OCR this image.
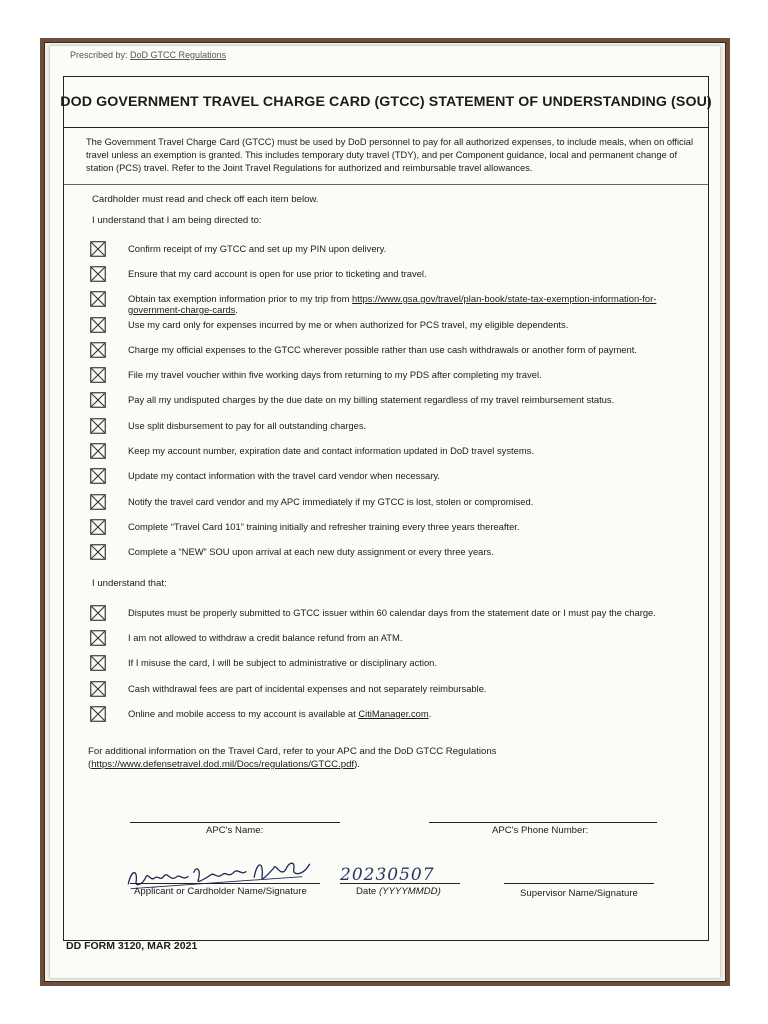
Prescribed by: DoD GTCC Regulations
DOD GOVERNMENT TRAVEL CHARGE CARD (GTCC) STATEMENT OF UNDERSTANDING (SOU)
The Government Travel Charge Card (GTCC) must be used by DoD personnel to pay for all authorized expenses, to include meals, when on official travel unless an exemption is granted. This includes temporary duty travel (TDY), and per Component guidance, local and permanent change of station (PCS) travel. Refer to the Joint Travel Regulations for authorized and reimbursable travel allowances.
Cardholder must read and check off each item below.
I understand that I am being directed to:
Confirm receipt of my GTCC and set up my PIN upon delivery.
Ensure that my card account is open for use prior to ticketing and travel.
Obtain tax exemption information prior to my trip from https://www.gsa.gov/travel/plan-book/state-tax-exemption-information-for-government-charge-cards.
Use my card only for expenses incurred by me or when authorized for PCS travel, my eligible dependents.
Charge my official expenses to the GTCC wherever possible rather than use cash withdrawals or another form of payment.
File my travel voucher within five working days from returning to my PDS after completing my travel.
Pay all my undisputed charges by the due date on my billing statement regardless of my travel reimbursement status.
Use split disbursement to pay for all outstanding charges.
Keep my account number, expiration date and contact information updated in DoD travel systems.
Update my contact information with the travel card vendor when necessary.
Notify the travel card vendor and my APC immediately if my GTCC is lost, stolen or compromised.
Complete “Travel Card 101” training initially and refresher training every three years thereafter.
Complete a “NEW” SOU upon arrival at each new duty assignment or every three years.
I understand that:
Disputes must be properly submitted to GTCC issuer within 60 calendar days from the statement date or I must pay the charge.
I am not allowed to withdraw a credit balance refund from an ATM.
If I misuse the card, I will be subject to administrative or disciplinary action.
Cash withdrawal fees are part of incidental expenses and not separately reimbursable.
Online and mobile access to my account is available at CitiManager.com.
For additional information on the Travel Card, refer to your APC and the DoD GTCC Regulations (https://www.defensetravel.dod.mil/Docs/regulations/GTCC.pdf).
APC's Name:	APC's Phone Number:
Applicant or Cardholder Name/Signature
20230507
Date (YYYYMMDD)	Supervisor Name/Signature
DD FORM 3120, MAR 2021
